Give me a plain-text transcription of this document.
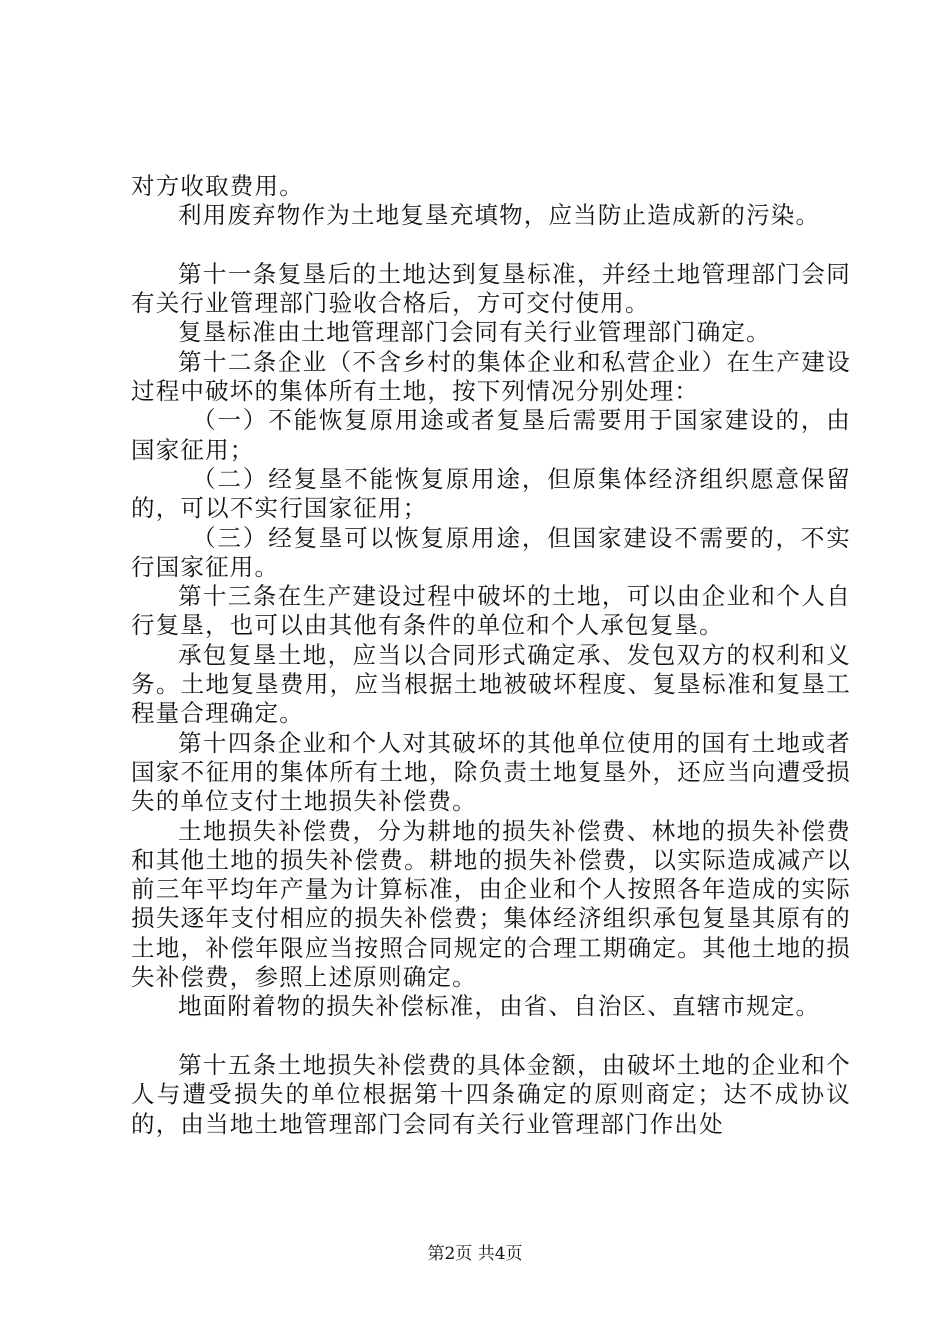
对方收取费用。

利用废弃物作为土地复垦充填物，应当防止造成新的污染。

第十一条复垦后的土地达到复垦标准，并经土地管理部门会同有关行业管理部门验收合格后，方可交付使用。

复垦标准由土地管理部门会同有关行业管理部门确定。

第十二条企业（不含乡村的集体企业和私营企业）在生产建设过程中破坏的集体所有土地，按下列情况分别处理：

（一）不能恢复原用途或者复垦后需要用于国家建设的，由国家征用；

（二）经复垦不能恢复原用途，但原集体经济组织愿意保留的，可以不实行国家征用；

（三）经复垦可以恢复原用途，但国家建设不需要的，不实行国家征用。

第十三条在生产建设过程中破坏的土地，可以由企业和个人自行复垦，也可以由其他有条件的单位和个人承包复垦。

承包复垦土地，应当以合同形式确定承、发包双方的权利和义务。土地复垦费用，应当根据土地被破坏程度、复垦标准和复垦工程量合理确定。

第十四条企业和个人对其破坏的其他单位使用的国有土地或者国家不征用的集体所有土地，除负责土地复垦外，还应当向遭受损失的单位支付土地损失补偿费。

土地损失补偿费，分为耕地的损失补偿费、林地的损失补偿费和其他土地的损失补偿费。耕地的损失补偿费，以实际造成减产以前三年平均年产量为计算标准，由企业和个人按照各年造成的实际损失逐年支付相应的损失补偿费；集体经济组织承包复垦其原有的土地，补偿年限应当按照合同规定的合理工期确定。其他土地的损失补偿费，参照上述原则确定。

地面附着物的损失补偿标准，由省、自治区、直辖市规定。

第十五条土地损失补偿费的具体金额，由破坏土地的企业和个人与遭受损失的单位根据第十四条确定的原则商定；达不成协议的，由当地土地管理部门会同有关行业管理部门作出处

第2页 共4页
